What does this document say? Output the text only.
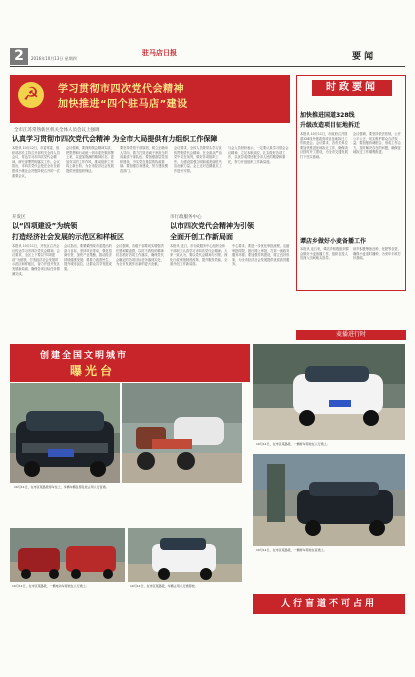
2	驻马店日报
2016年10月13日 星期四	要 闻
☭	学习贯彻市四次党代会精神
加快推进“四个驻马店”建设
全市江苏常熟新区机关全体人员会议上强调
认真学习贯彻市四次党代会精神 为全市大局提供有力组织工作保障
本报讯 10月12日，市委常委、组织部部长主持召开部机关全体人员会议，传达学习市四次党代会精神，研究部署贯彻落实工作。会议指出，市四次党代会是在全市全面建成小康社会决胜阶段召开的一次重要会议。
会议强调，要深刻领会精神实质，把思想和行动统一到市委决策部署上来，以更加饱满的精神状态、更加务实的工作作风，推动组织工作再上新台阶，为全市经济社会发展提供坚强组织保证。
要坚持党管干部原则，树立正确用人导向，着力打造忠诚干净担当的高素质干部队伍；要加强基层党组织建设，夯实党在基层的执政基础；要加强自身建设，努力建设模范部门。
会议要求，全体人员要带头学习宣传贯彻党代会精神，在全面从严治党中走在前列，做好各项组织工作，为建设富强文明和谐美丽驻马店贡献力量。会上还对近期重点工作进行安排。
与会人员纷纷表示，一定要认真学习领会会议精神，立足本职岗位，扎实做好各项工作，以优异成绩回报全市人民的期望和重托，努力开创组织工作新局面。
开发区
以“四项建设”为统领
打造经济社会发展的示范区和样板区
本报讯 10月11日，开发区召开会议传达学习市四次党代会精神。会议要求，全区上下要以“四项建设”为统领，打造经济社会发展的示范区和样板区，奋力开创开发区发展新局面，确保各项目标任务圆满完成。
会议指出，要紧紧围绕市委提出的奋斗目标，坚持项目带动，强化招商引资，加快产业集聚，推动经济持续健康发展；要着力改善民生，提升城市品位，让群众共享发展成果。
会议强调，各级干部要切实增强责任感和紧迫感，以时不我待的精神状态抓好各项工作落实，确保党代会确定的各项目标任务落到实处，为全市发展作出新的更大贡献。
市行政服务中心
以市四次党代会精神为引领
全面开创工作新局面
本报讯 近日，市行政服务中心组织全体干部职工认真学习市四次党代会精神。大家一致认为，要以党代会精神为引领，深化行政审批制度改革，提升服务效能，全面开创工作新局面。
中心要求，要进一步优化审批流程，压缩审批时限，推行网上审批，打造一流政务服务环境；要加强作风建设，树立良好形象，为全市经济社会发展提供优质高效服务。
时政要闻
加快推进国道328线
升级改造项目征地拆迁
本报讯 10月11日，市政府召开国道328线升级改造项目征地拆迁工作推进会。会议要求，各有关单位要加快推进征地拆迁工作，确保项目按时开工建设，为全市交通发展打下坚实基础。
会议强调，要坚持依法依规，公开公平公正，切实维护群众合法权益；要加强协调配合，形成工作合力，及时解决存在的问题，确保征地拆迁工作顺利推进。
谭店乡做好小麦备播工作
本报讯 连日来，谭店乡积极组织群众做好小麦备播工作，组织农技人员深入田间地头指导。
该乡积极筹备良种、化肥等农资，确保小麦适时播种，为来年丰收打好基础。
麦播进行时
创建全国文明城市
曝光台
10月11日，在市区某路段停车位上，多辆车辆乱停乱放占用人行盲道。
10月11日，在市区某路段，一辆电动车停放在人行道上。	10月11日，在市区某路段，车辆占用人行道停放。
10月11日，在市区某路段，一辆轿车停放在人行道上。
10月11日，在市区某路段，一辆轿车停放在盲道上。
人行盲道不可占用
